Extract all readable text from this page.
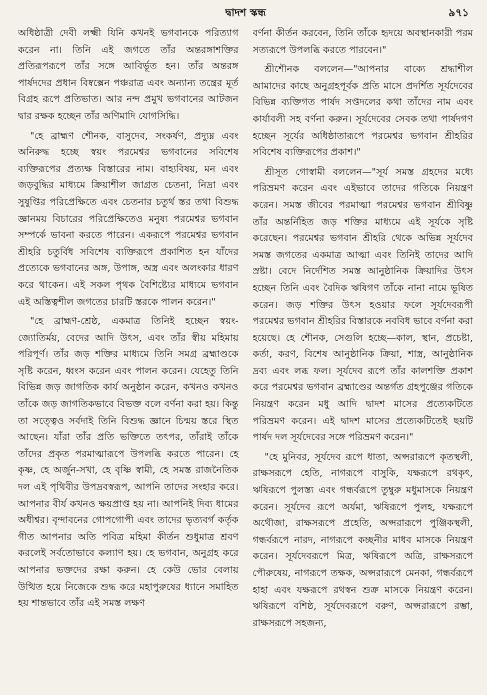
দ্বাদশ স্কন্ধ	৯৭১

অধিষ্ঠাত্রী দেবী লক্ষ্মী যিনি কখনই ভগবানকে পরিত্যাগ করেন না। তিনি এই জগতে তাঁর অন্তরঙ্গাশক্তির প্রতিরূপরূপে তাঁর সঙ্গে আবির্ভূত হন। তাঁর অন্তরঙ্গ পার্ষদদের প্রধান বিষ্বক্সেন পঞ্চরাত্র এবং অন্যান্য তন্ত্রের মূর্ত বিগ্রহ রূপে প্রতিভাত। আর নন্দ প্রমুখ ভগবানের আটজন দ্বার রক্ষক হচ্ছেন তাঁর অণিমাদি যোগসিদ্ধি।

"হে ব্রাহ্মণ শৌনক, বাসুদেব, সংকর্ষণ, প্রদ্যুম্ন এবং অনিরুদ্ধ হচ্ছে স্বয়ং পরমেশ্বর ভগবানের সবিশেষ ব্যক্তিরূপের প্রত্যক্ষ বিস্তারের নাম। বাহ্যবিষয়, মন এবং জড়বুদ্ধির মাধ্যমে ক্রিয়াশীল জাগ্রত চেতনা, নিদ্রা এবং সুষুপ্তির পরিপ্রেক্ষিতে এবং চেতনার চতুর্থ স্তর তথা বিশুদ্ধ জ্ঞানময় বিচারের পরিপ্রেক্ষিতেও মনুষ্য পরমেশ্বর ভগবান সম্পর্কে ভাবনা করতে পারেন। একরূপে পরমেশ্বর ভগবান শ্রীহরি চতুর্বিধ সবিশেষ ব্যক্তিরূপে প্রকাশিত হন যাঁদের প্রত্যেকে ভগবানের অঙ্গ, উপাঙ্গ, অস্ত্র এবং অলংকার ধারণ করে থাকেন। এই সকল পৃথক বৈশিষ্ট্যের মাধ্যমে ভগবান এই অস্তিত্বশীল জগতের চারটি স্তরকে পালন করেন।"

"হে ব্রাহ্মণ-শ্রেষ্ঠ, একমাত্র তিনিই হচ্ছেন স্বয়ং-জ্যোতির্ময়, বেদের আদি উৎস, এবং তাঁর স্বীয় মহিমায় পরিপূর্ণ। তাঁর জড় শক্তির মাধ্যমে তিনি সমগ্র ব্রহ্মাণ্ডকে সৃষ্টি করেন, ধ্বংস করেন এবং পালন করেন। যেহেতু তিনি বিভিন্ন জড় জাগতিক কার্য অনুষ্ঠান করেন, কখনও কখনও তাঁকে জড় জাগতিকভাবে বিভক্ত বলে বর্ণনা করা হয়। কিন্তু তা সত্ত্বেও সর্বদাই তিনি বিশুদ্ধ জ্ঞানে চিন্ময় স্তরে স্থিত আছেন। যাঁরা তাঁর প্রতি ভক্তিতে তৎপর, তাঁরাই তাঁকে তাঁদের প্রকৃত পরমাত্মারূপে উপলব্ধি করতে পারেন। হে কৃষ্ণ, হে অর্জুন-সখা, হে বৃষ্ণি স্বামী, হে সমস্ত রাজনৈতিক দল এই পৃথিবীর উপদ্রবস্বরূপ, আপনি তাদের সংহার করে। আপনার বীর্য কখনও ক্ষয়প্রাপ্ত হয় না। আপনিই দিব্য ধামের অধীশ্বর। বৃন্দাবনের গোপগোপী এবং তাদের ভৃত্যবর্গ কর্তৃক গীত আপনার অতি পবিত্র মহিমা কীর্তন শুধুমাত্র শ্রবণ করলেই সর্বতোভাবে কল্যাণ হয়। হে ভগবান, অনুগ্রহ করে আপনার ভক্তদের রক্ষা করুন। হে কেউ ভোর বেলায় উত্থিত হয়ে নিজেকে শুদ্ধ করে মহাপুরুষের ধ্যানে সমাহিত হয় শান্তভাবে তাঁর এই সমস্ত লক্ষণ

বর্ণনা কীর্তন করবেন, তিনি তাঁকে হৃদয়ে অবস্থানকারী পরম সত্যরূপে উপলব্ধি করতে পারবেন।"

শ্রীশৌনক বললেন—"আপনার বাক্যে শ্রদ্ধাশীল আমাদের কাছে অনুগ্রহপূর্বক প্রতি মাসে প্রদর্শিত সূর্যদেবের বিভিন্ন ব্যক্তিগত পার্ষদ সপ্তদলের কথা তাঁদের নাম এবং কার্যাবলী সহ বর্ণনা করুন। সূর্যদেবের সেবক তথা পার্ষদগণ হচ্ছেন সূর্যের অধিষ্ঠাতারূপে পরমেশ্বর ভগবান শ্রীহরির সবিশেষ ব্যক্তিরূপের প্রকাশ।"

শ্রীসূত গোস্বামী বললেন—"সূর্য সমস্ত গ্রহদের মধ্যে পরিভ্রমণ করেন এবং এইভাবে তাদের গতিকে নিয়ন্ত্রণ করেন। সমস্ত জীবের পরমাত্মা পরমেশ্বর ভগবান শ্রীবিষ্ণু তাঁর অন্তর্নিহিত জড় শক্তির মাধ্যমে এই সূর্যকে সৃষ্টি করেছেন। পরমেশ্বর ভগবান শ্রীহরি থেকে অভিন্ন সূর্যদেব সমস্ত জগতের একমাত্র আত্মা এবং তিনিই তাদের আদি স্রষ্টা। বেদে নির্দেশিত সমস্ত আনুষ্ঠানিক ক্রিয়াদির উৎস হচ্ছেন তিনি এবং বৈদিক ঋষিগণ তাঁকে নানা নামে ভূষিত করেন। জড় শক্তির উৎস হওয়ার ফলে সূর্যদেবরূপী পরমেশ্বর ভগবান শ্রীহরির বিস্তারকে নববিধ ভাবে বর্ণনা করা হয়েছে। হে শৌনক, সেগুলি হচ্ছে—কাল, স্থান, প্রচেষ্টা, কর্তা, করণ, বিশেষ আনুষ্ঠানিক ক্রিয়া, শাস্ত্র, আনুষ্ঠানিক দ্রব্য এবং লব্ধ ফল। সূর্যদেব রূপে তাঁর কালশক্তি প্রকাশ করে পরমেশ্বর ভগবান ব্রহ্মাণ্ডের অন্তর্গত গ্রহপুঞ্জের গতিকে নিয়ন্ত্রণ করেন মধু আদি দ্বাদশ মাসের প্রত্যেকটিতে পরিভ্রমণ করেন। এই দ্বাদশ মাসের প্রত্যেকটিতেই ছয়টি পার্ষদ দল সূর্যদেবের সঙ্গে পরিভ্রমণ করেন।"

"হে মুনিবর, সূর্যদেব রূপে ধাতা, অপ্সরারূপে কৃতস্থলী, রাক্ষসরূপে হেতি, নাগরূপে বাসুকি, যক্ষরূপে রথকৃৎ, ঋষিরূপে পুলস্ত্য এবং গন্ধর্বরূপে তুম্বুরু মধুমাসকে নিয়ন্ত্রণ করেন। সূর্যদেব রূপে অর্যমা, ঋষিরূপে পুলহ, যক্ষরূপে অথৌজা, রাক্ষসরূপে প্রহেতি, অপ্সরারূপে পুঞ্জিকস্থলী, গন্ধর্বরূপে নারদ, নাগরূপে কচ্ছনীর মাধব মাসকে নিয়ন্ত্রণ করেন। সূর্যদেবরূপে মিত্র, ঋষিরূপে অত্রি, রাক্ষসরূপে পৌরুষেয়, নাগরূপে তক্ষক, অপ্সরারূপে মেনকা, গন্ধর্বরূপে হাহা এবং যক্ষরূপে রথস্বন শুক্র মাসকে নিয়ন্ত্রণ করেন। ঋষিরূপে বশিষ্ঠ, সূর্যদেবরূপে বরুণ, অপ্সরারূপে রম্ভা, রাক্ষসরূপে সহজন্য,
